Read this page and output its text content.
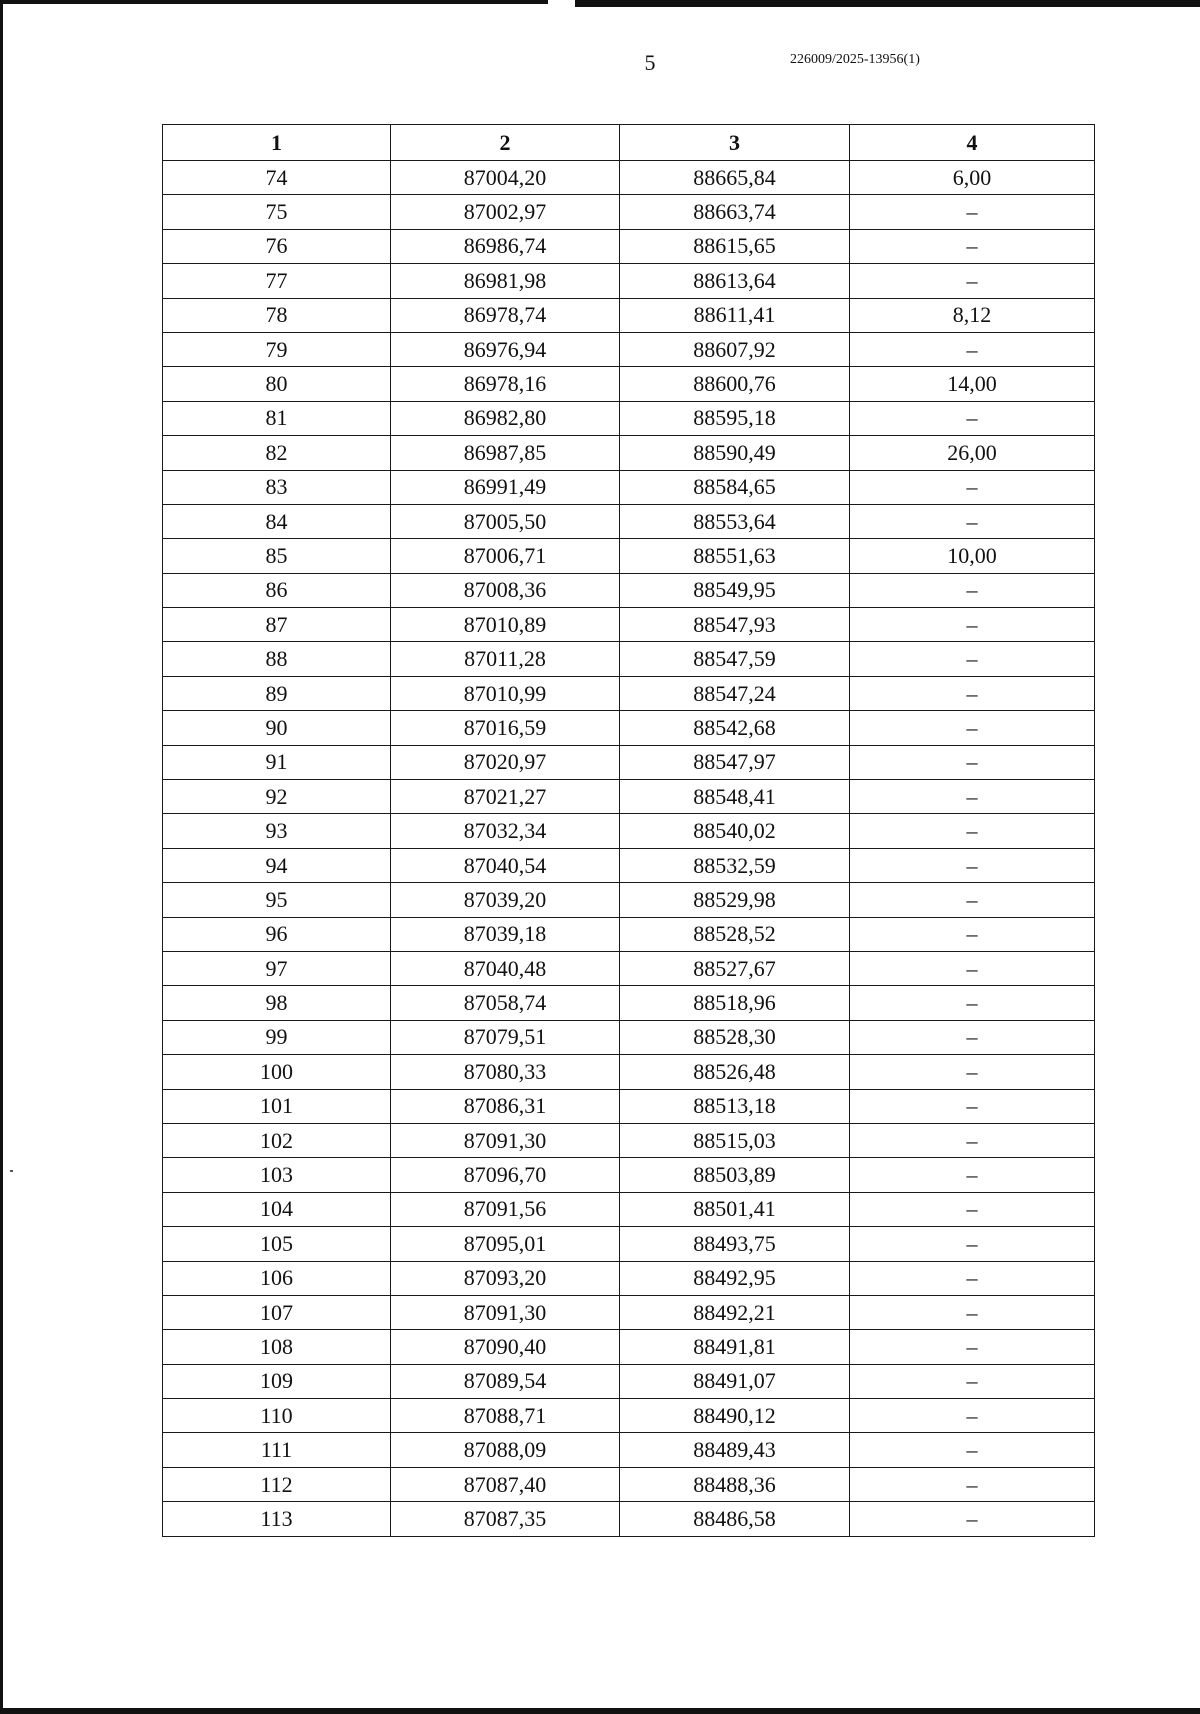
5	226009/2025-13956(1)
1	2	3	4
74	87004,20	88665,84	6,00
75	87002,97	88663,74	–
76	86986,74	88615,65	–
77	86981,98	88613,64	–
78	86978,74	88611,41	8,12
79	86976,94	88607,92	–
80	86978,16	88600,76	14,00
81	86982,80	88595,18	–
82	86987,85	88590,49	26,00
83	86991,49	88584,65	–
84	87005,50	88553,64	–
85	87006,71	88551,63	10,00
86	87008,36	88549,95	–
87	87010,89	88547,93	–
88	87011,28	88547,59	–
89	87010,99	88547,24	–
90	87016,59	88542,68	–
91	87020,97	88547,97	–
92	87021,27	88548,41	–
93	87032,34	88540,02	–
94	87040,54	88532,59	–
95	87039,20	88529,98	–
96	87039,18	88528,52	–
97	87040,48	88527,67	–
98	87058,74	88518,96	–
99	87079,51	88528,30	–
100	87080,33	88526,48	–
101	87086,31	88513,18	–
102	87091,30	88515,03	–
103	87096,70	88503,89	–
104	87091,56	88501,41	–
105	87095,01	88493,75	–
106	87093,20	88492,95	–
107	87091,30	88492,21	–
108	87090,40	88491,81	–
109	87089,54	88491,07	–
110	87088,71	88490,12	–
111	87088,09	88489,43	–
112	87087,40	88488,36	–
113	87087,35	88486,58	–
